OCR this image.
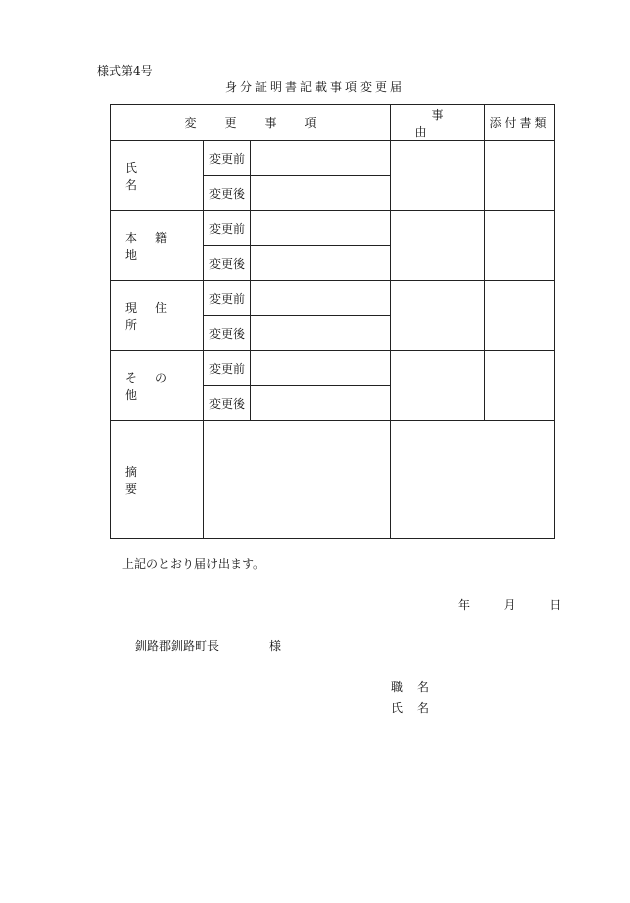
様式第4号
身分証明書記載事項変更届
変更事項			事由	添付書類
氏名	変更前			
	変更後			
本籍地	変更前			
	変更後			
現住所	変更前			
	変更後			
その他	変更前			
	変更後			
摘要				
上記のとおり届け出ます。
年	月	日
釧路郡釧路町長	様
職名
氏名
